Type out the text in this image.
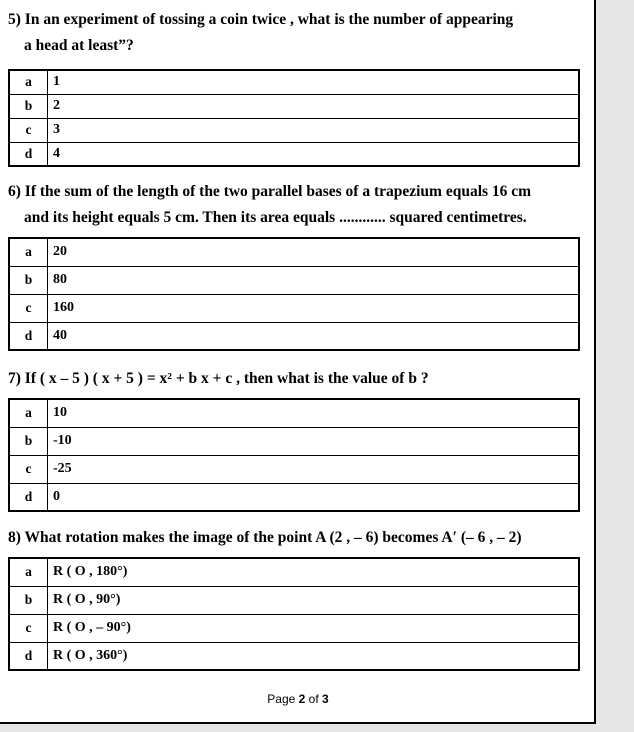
5) In an experiment of tossing a coin twice , what is the number of appearing
a head at least”?
a	1
b	2
c	3
d	4
6) If the sum of the length of the two parallel bases of a trapezium equals 16 cm
and its height equals 5 cm. Then its area equals ............ squared centimetres.
a	20
b	80
c	160
d	40
7) If ( x – 5 ) ( x + 5 ) = x² + b x + c , then what is the value of b ?
a	10
b	-10
c	-25
d	0
8) What rotation makes the image of the point A (2 , – 6) becomes A′ (– 6 , – 2)
a	R ( O , 180°)
b	R ( O , 90°)
c	R ( O , – 90°)
d	R ( O , 360°)
Page 2 of 3
